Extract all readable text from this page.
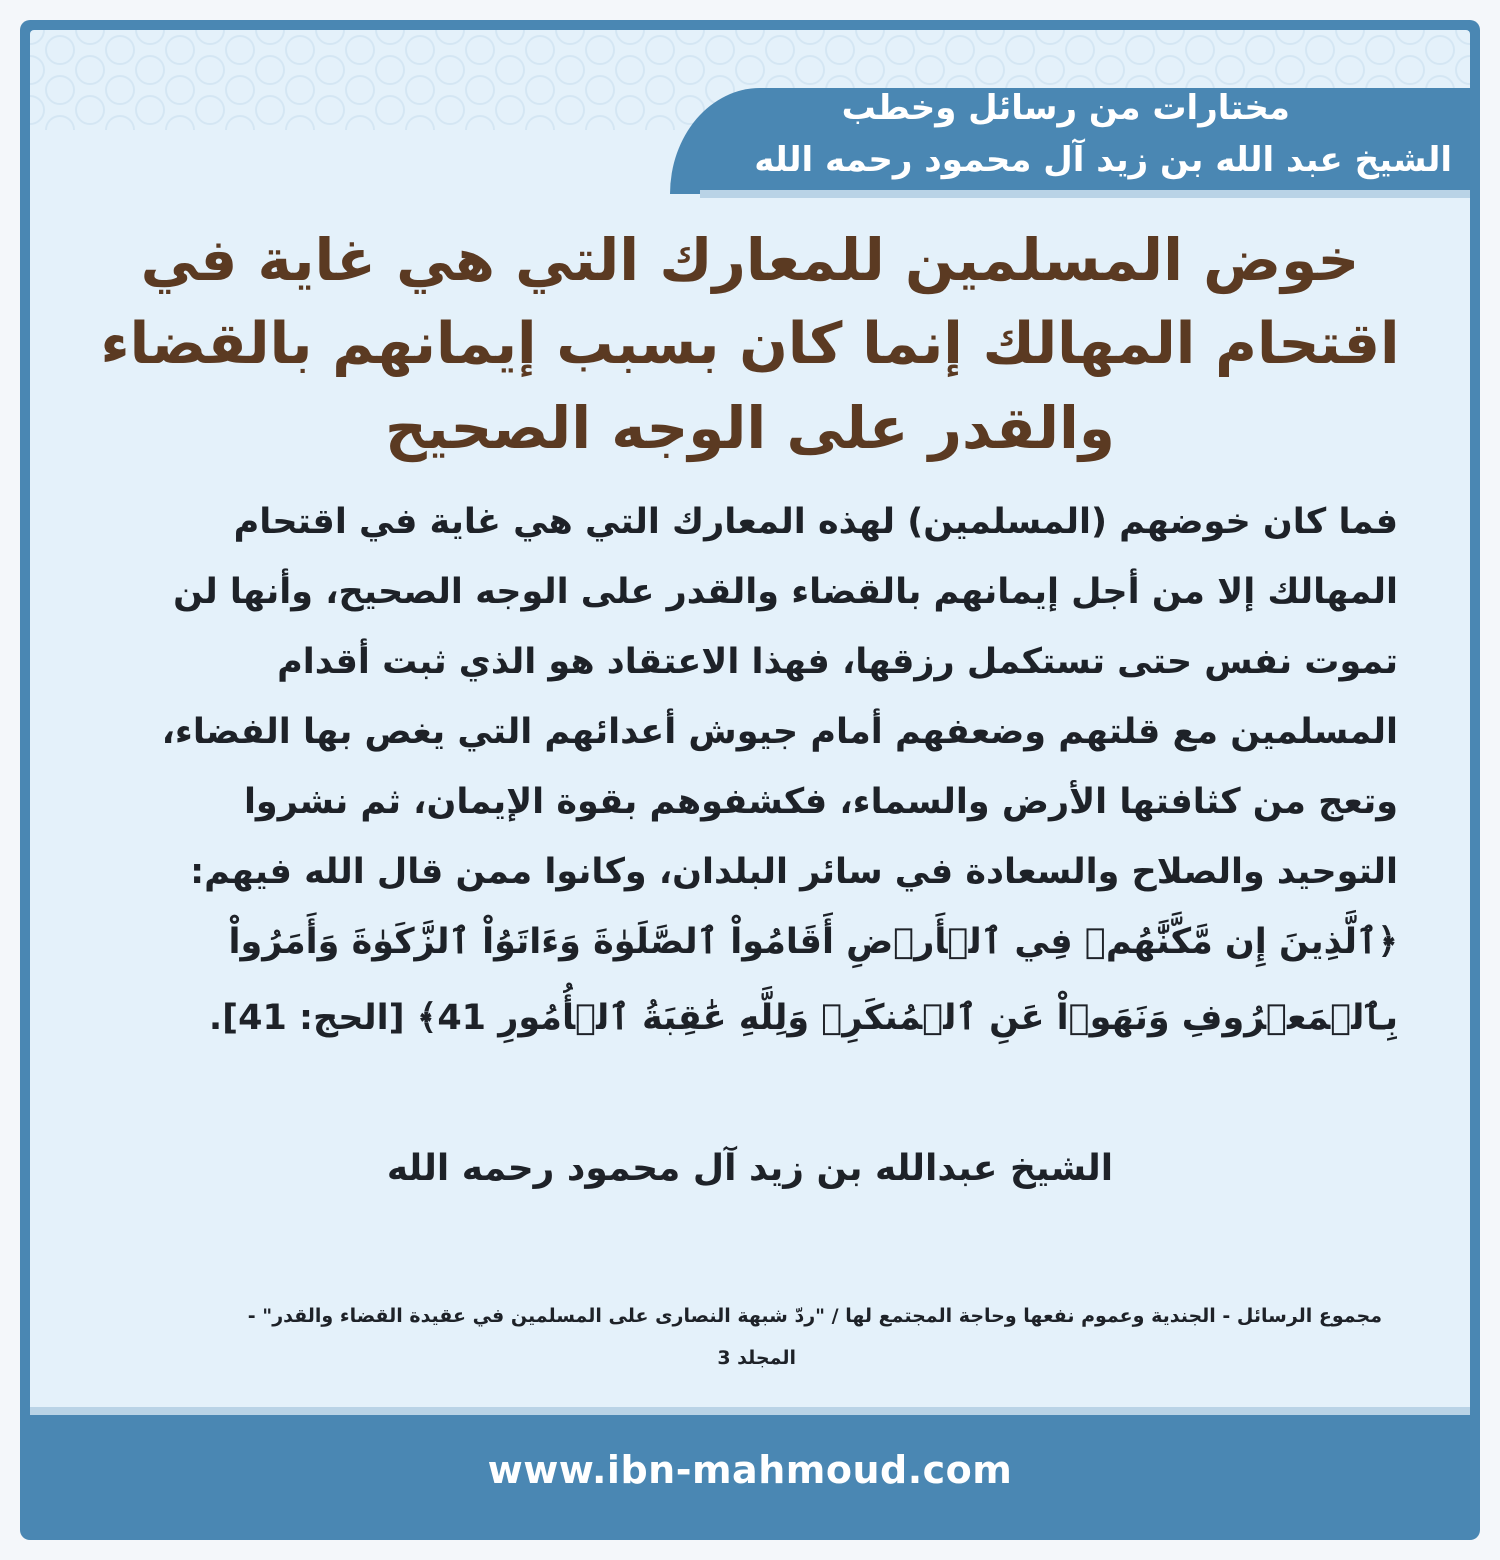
مختارات من رسائل وخطب
الشيخ عبد الله بن زيد آل محمود رحمه الله
خوض المسلمين للمعارك التي هي غاية في
اقتحام المهالك إنما كان بسبب إيمانهم بالقضاء
والقدر على الوجه الصحيح
فما كان خوضهم (المسلمين) لهذه المعارك التي هي غاية في اقتحام
المهالك إلا من أجل إيمانهم بالقضاء والقدر على الوجه الصحيح، وأنها لن
تموت نفس حتى تستكمل رزقها، فهذا الاعتقاد هو الذي ثبت أقدام
المسلمين مع قلتهم وضعفهم أمام جيوش أعدائهم التي يغص بها الفضاء،
وتعج من كثافتها الأرض والسماء، فكشفوهم بقوة الإيمان، ثم نشروا
التوحيد والصلاح والسعادة في سائر البلدان، وكانوا ممن قال الله فيهم:
﴿ٱلَّذِينَ إِن مَّكَّنَّٰهُمۡ فِي ٱلۡأَرۡضِ أَقَامُواْ ٱلصَّلَوٰةَ وَءَاتَوُاْ ٱلزَّكَوٰةَ وَأَمَرُواْ
بِٱلۡمَعۡرُوفِ وَنَهَوۡاْ عَنِ ٱلۡمُنكَرِۗ وَلِلَّهِ عَٰقِبَةُ ٱلۡأُمُورِ 41﴾ [الحج: 41].
الشيخ عبدالله بن زيد آل محمود رحمه الله
مجموع الرسائل - الجندية وعموم نفعها وحاجة المجتمع لها / "ردّ شبهة النصارى على المسلمين في عقيدة القضاء والقدر" -
المجلد 3
www.ibn-mahmoud.com
